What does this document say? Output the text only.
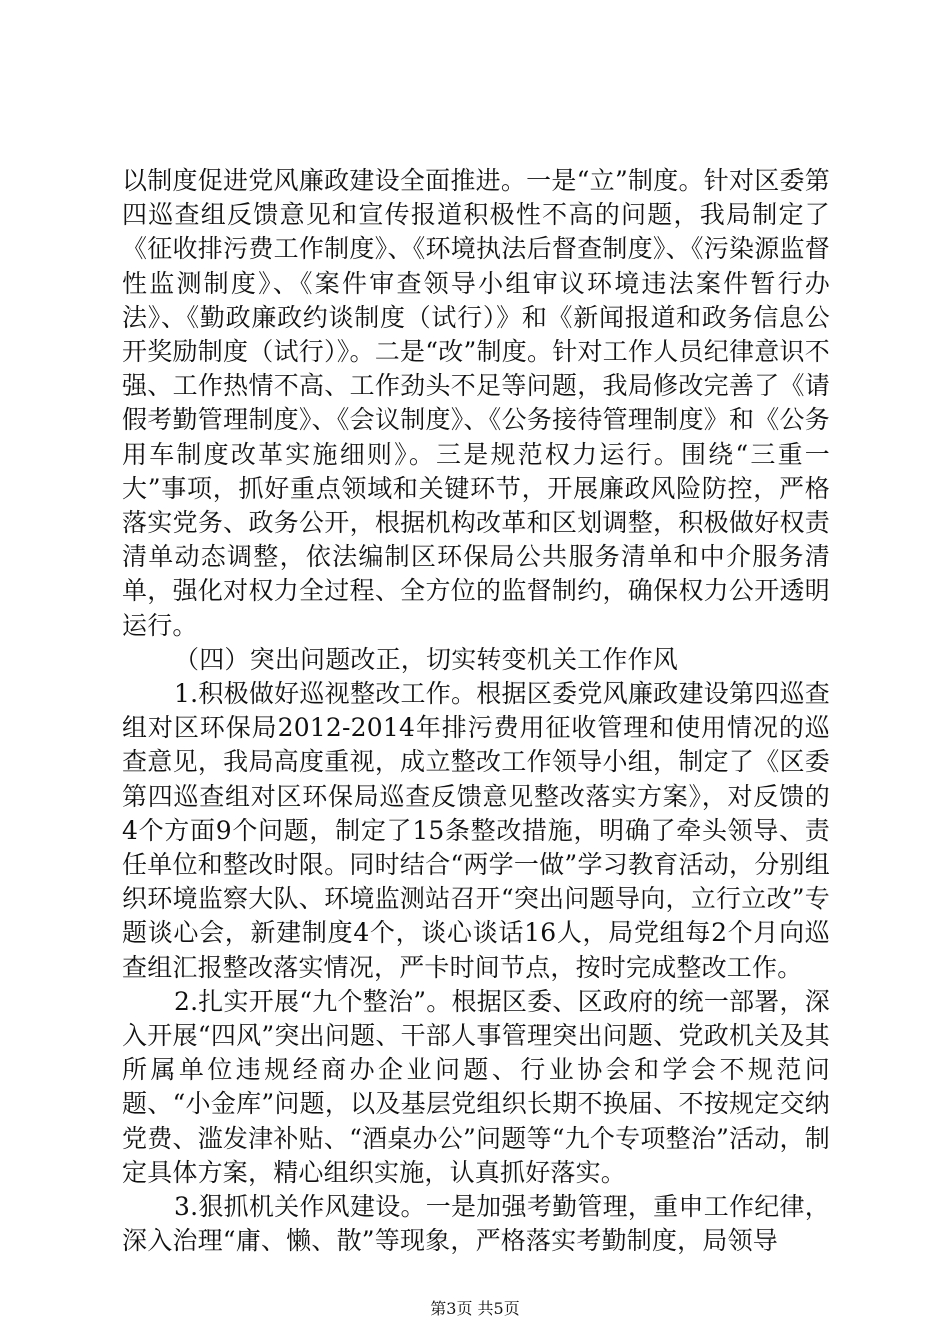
以制度促进党风廉政建设全面推进。一是“立”制度。针对区委第四巡查组反馈意见和宣传报道积极性不高的问题，我局制定了《征收排污费工作制度》、《环境执法后督查制度》、《污染源监督性监测制度》、《案件审查领导小组审议环境违法案件暂行办法》、《勤政廉政约谈制度（试行）》和《新闻报道和政务信息公开奖励制度（试行）》。二是“改”制度。针对工作人员纪律意识不强、工作热情不高、工作劲头不足等问题，我局修改完善了《请假考勤管理制度》、《会议制度》、《公务接待管理制度》和《公务用车制度改革实施细则》。三是规范权力运行。围绕“三重一大”事项，抓好重点领域和关键环节，开展廉政风险防控，严格落实党务、政务公开，根据机构改革和区划调整，积极做好权责清单动态调整，依法编制区环保局公共服务清单和中介服务清单，强化对权力全过程、全方位的监督制约，确保权力公开透明运行。

（四）突出问题改正，切实转变机关工作作风

1.积极做好巡视整改工作。根据区委党风廉政建设第四巡查组对区环保局2012-2014年排污费用征收管理和使用情况的巡查意见，我局高度重视，成立整改工作领导小组，制定了《区委第四巡查组对区环保局巡查反馈意见整改落实方案》，对反馈的4个方面9个问题，制定了15条整改措施，明确了牵头领导、责任单位和整改时限。同时结合“两学一做”学习教育活动，分别组织环境监察大队、环境监测站召开“突出问题导向，立行立改”专题谈心会，新建制度4个，谈心谈话16人，局党组每2个月向巡查组汇报整改落实情况，严卡时间节点，按时完成整改工作。

2.扎实开展“九个整治”。根据区委、区政府的统一部署，深入开展“四风”突出问题、干部人事管理突出问题、党政机关及其所属单位违规经商办企业问题、行业协会和学会不规范问题、“小金库”问题，以及基层党组织长期不换届、不按规定交纳党费、滥发津补贴、“酒桌办公”问题等“九个专项整治”活动，制定具体方案，精心组织实施，认真抓好落实。

3.狠抓机关作风建设。一是加强考勤管理，重申工作纪律，深入治理“庸、懒、散”等现象，严格落实考勤制度，局领导

第3页 共5页
